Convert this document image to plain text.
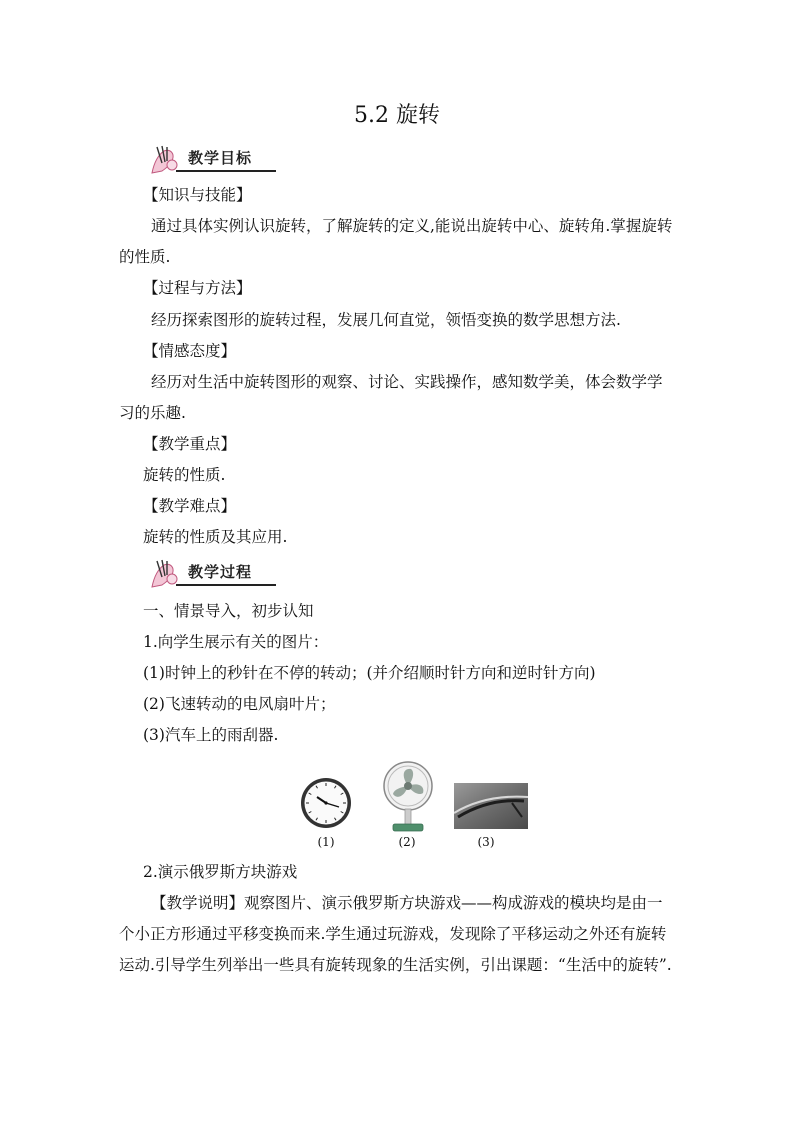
5.2 旋转
教学目标
【知识与技能】
通过具体实例认识旋转，了解旋转的定义,能说出旋转中心、旋转角.掌握旋转的性质.
【过程与方法】
经历探索图形的旋转过程，发展几何直觉，领悟变换的数学思想方法.
【情感态度】
经历对生活中旋转图形的观察、讨论、实践操作，感知数学美，体会数学学习的乐趣.
【教学重点】
旋转的性质.
【教学难点】
旋转的性质及其应用.
教学过程
一、情景导入，初步认知
1.向学生展示有关的图片：
(1)时钟上的秒针在不停的转动；(并介绍顺时针方向和逆时针方向)
(2)飞速转动的电风扇叶片；
(3)汽车上的雨刮器.
(1)	(2)	(3)
2.演示俄罗斯方块游戏
【教学说明】观察图片、演示俄罗斯方块游戏——构成游戏的模块均是由一个小正方形通过平移变换而来.学生通过玩游戏，发现除了平移运动之外还有旋转运动.引导学生列举出一些具有旋转现象的生活实例，引出课题：“生活中的旋转”.
